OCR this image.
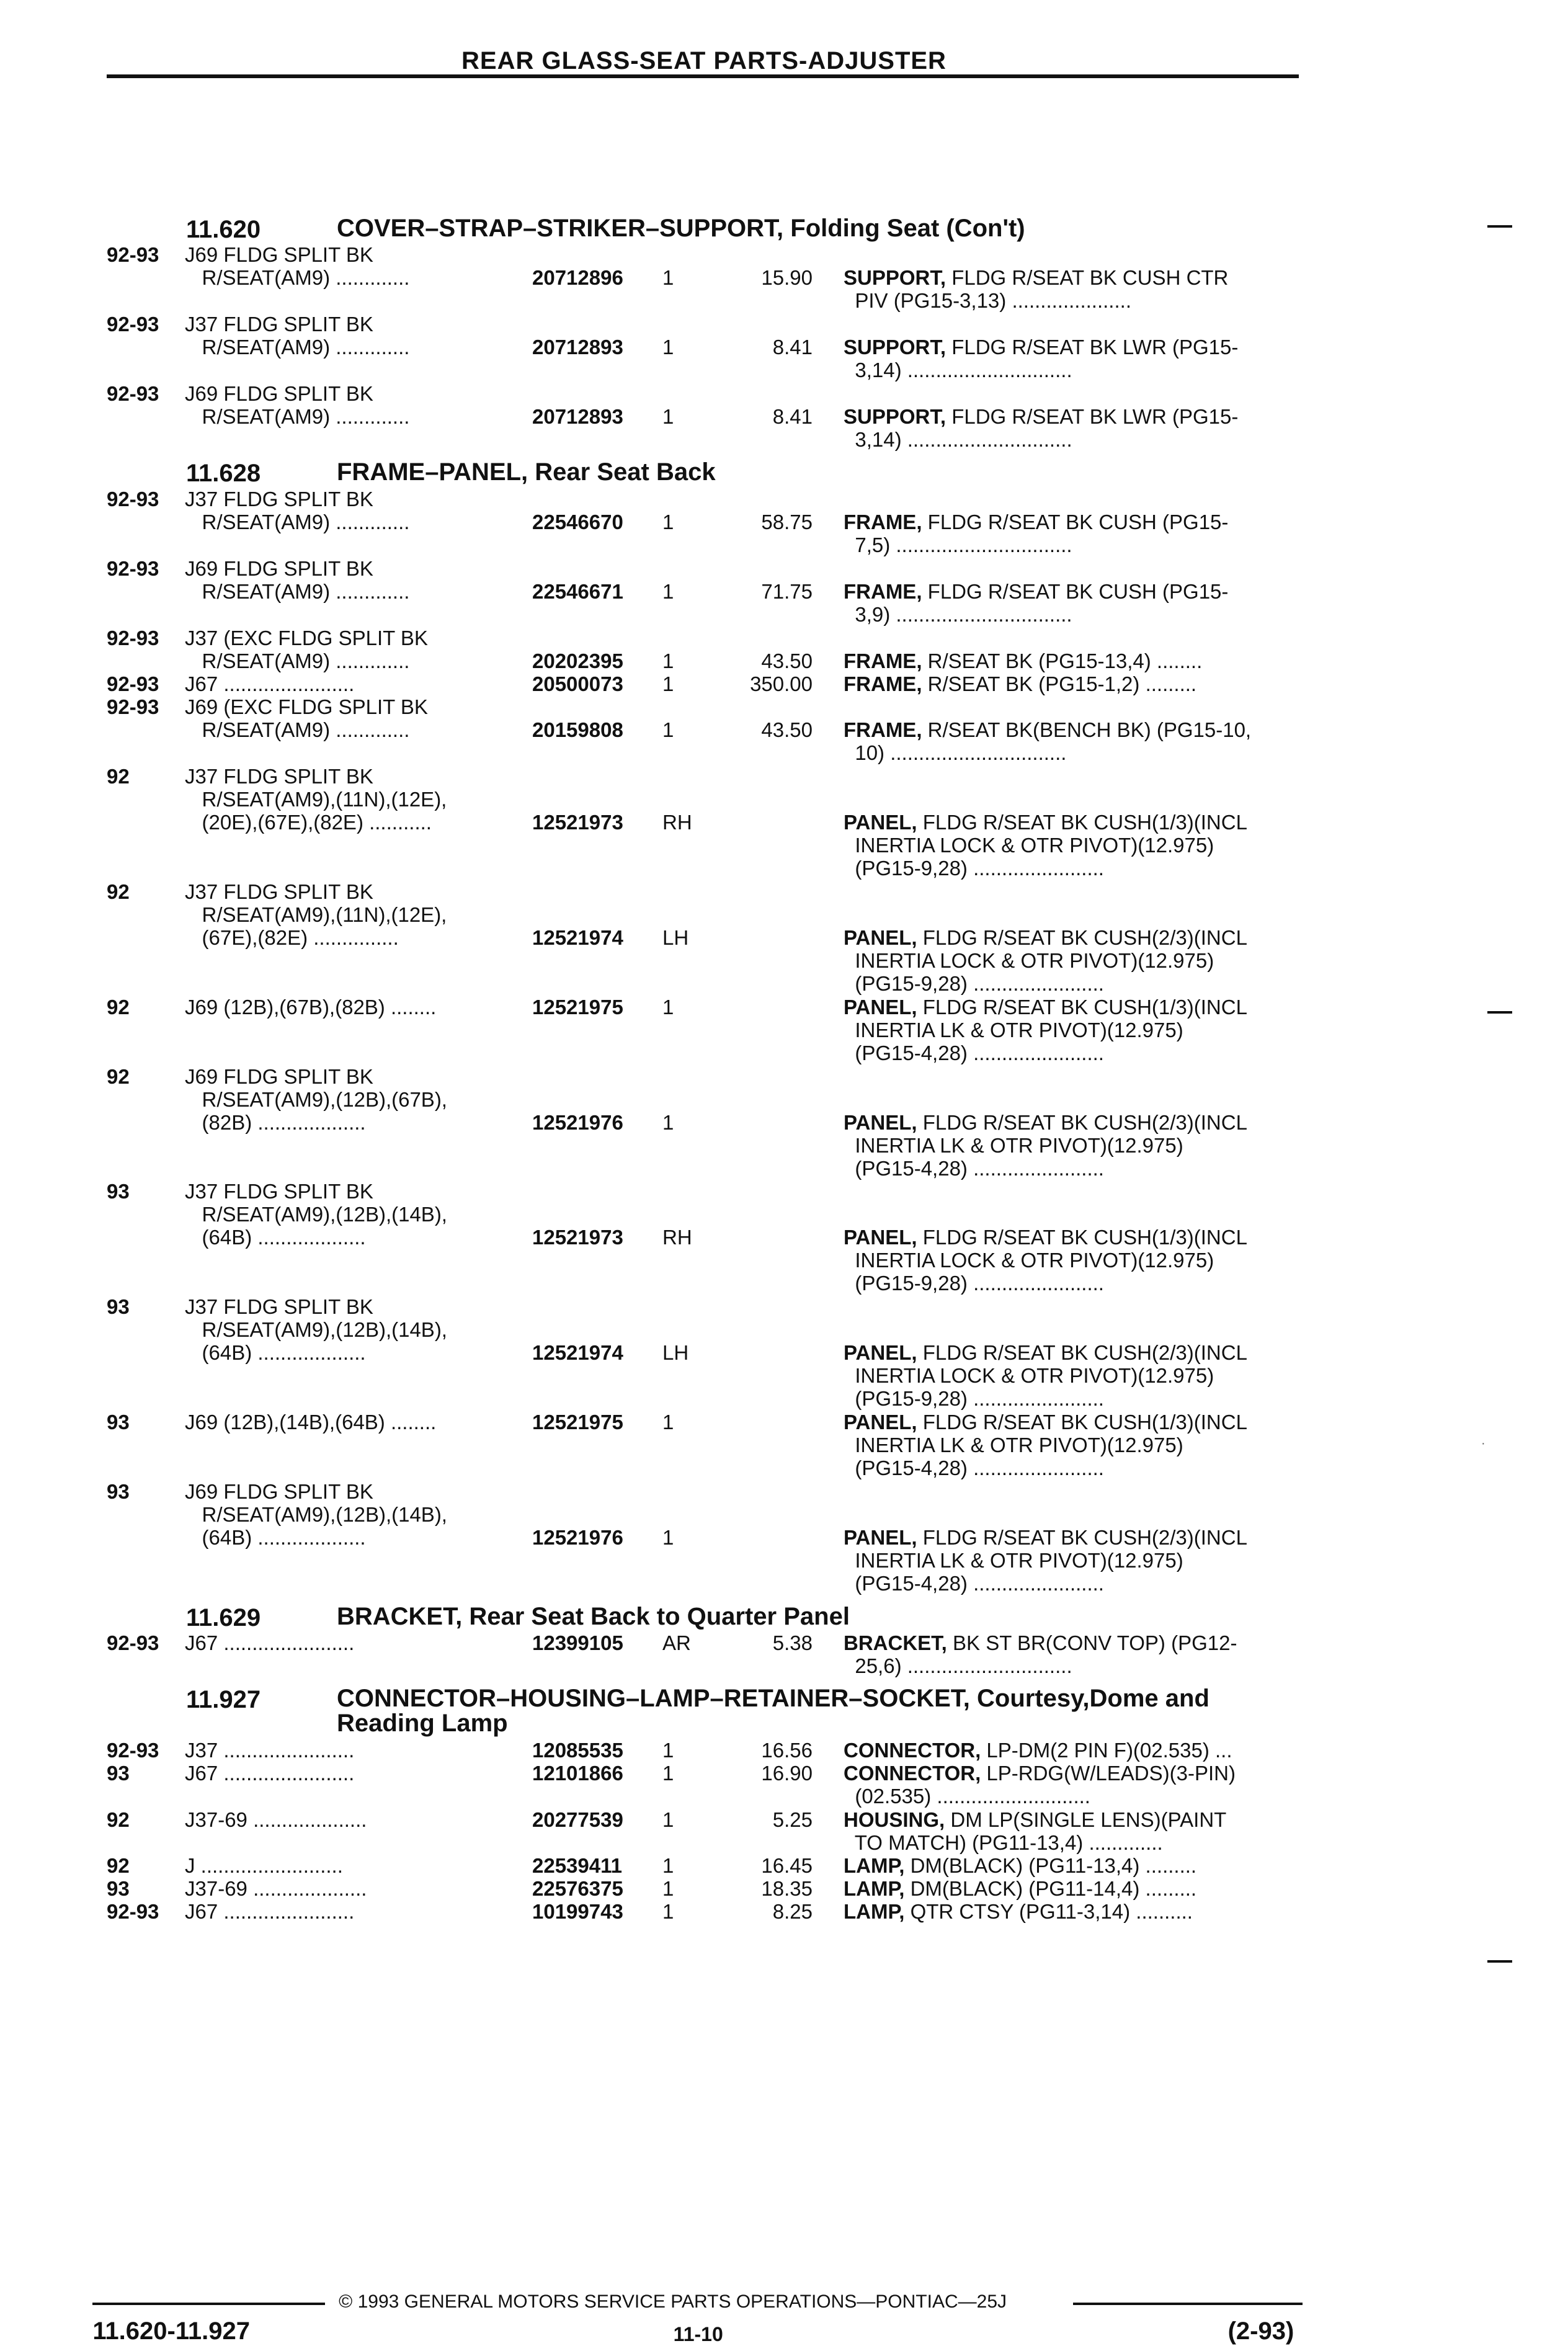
REAR GLASS-SEAT PARTS-ADJUSTER
11.620	COVER–STRAP–STRIKER–SUPPORT, Folding Seat (Con't)
92-93 J69 FLDG SPLIT BK
R/SEAT(AM9) .............	20712896 1	15.90 SUPPORT, FLDG R/SEAT BK CUSH CTR
PIV (PG15-3,13) .....................
92-93 J37 FLDG SPLIT BK
R/SEAT(AM9) .............	20712893 1	8.41 SUPPORT, FLDG R/SEAT BK LWR (PG15-
3,14) .............................
92-93 J69 FLDG SPLIT BK
R/SEAT(AM9) .............	20712893 1	8.41 SUPPORT, FLDG R/SEAT BK LWR (PG15-
3,14) .............................
11.628	FRAME–PANEL, Rear Seat Back
92-93 J37 FLDG SPLIT BK
R/SEAT(AM9) .............	22546670 1	58.75 FRAME, FLDG R/SEAT BK CUSH (PG15-
7,5) ...............................
92-93 J69 FLDG SPLIT BK
R/SEAT(AM9) .............	22546671 1	71.75 FRAME, FLDG R/SEAT BK CUSH (PG15-
3,9) ...............................
92-93 J37 (EXC FLDG SPLIT BK
R/SEAT(AM9) .............	20202395 1	43.50 FRAME, R/SEAT BK (PG15-13,4) ........
92-93 J67 .......................	20500073 1	350.00 FRAME, R/SEAT BK (PG15-1,2) .........
92-93 J69 (EXC FLDG SPLIT BK
R/SEAT(AM9) .............	20159808 1	43.50 FRAME, R/SEAT BK(BENCH BK) (PG15-10,
10) ...............................
92	J37 FLDG SPLIT BK
R/SEAT(AM9),(11N),(12E),
(20E),(67E),(82E) ...........	12521973 RH	PANEL, FLDG R/SEAT BK CUSH(1/3)(INCL
INERTIA LOCK & OTR PIVOT)(12.975)
(PG15-9,28) .......................
92	J37 FLDG SPLIT BK
R/SEAT(AM9),(11N),(12E),
(67E),(82E) ...............	12521974 LH	PANEL, FLDG R/SEAT BK CUSH(2/3)(INCL
INERTIA LOCK & OTR PIVOT)(12.975)
(PG15-9,28) .......................
92	J69 (12B),(67B),(82B) ........	12521975 1	PANEL, FLDG R/SEAT BK CUSH(1/3)(INCL
INERTIA LK & OTR PIVOT)(12.975)
(PG15-4,28) .......................
92	J69 FLDG SPLIT BK
R/SEAT(AM9),(12B),(67B),
(82B) ...................	12521976 1	PANEL, FLDG R/SEAT BK CUSH(2/3)(INCL
INERTIA LK & OTR PIVOT)(12.975)
(PG15-4,28) .......................
93	J37 FLDG SPLIT BK
R/SEAT(AM9),(12B),(14B),
(64B) ...................	12521973 RH	PANEL, FLDG R/SEAT BK CUSH(1/3)(INCL
INERTIA LOCK & OTR PIVOT)(12.975)
(PG15-9,28) .......................
93	J37 FLDG SPLIT BK
R/SEAT(AM9),(12B),(14B),
(64B) ...................	12521974 LH	PANEL, FLDG R/SEAT BK CUSH(2/3)(INCL
INERTIA LOCK & OTR PIVOT)(12.975)
(PG15-9,28) .......................
93	J69 (12B),(14B),(64B) ........	12521975 1	PANEL, FLDG R/SEAT BK CUSH(1/3)(INCL
INERTIA LK & OTR PIVOT)(12.975)
(PG15-4,28) .......................
93	J69 FLDG SPLIT BK
R/SEAT(AM9),(12B),(14B),
(64B) ...................	12521976 1	PANEL, FLDG R/SEAT BK CUSH(2/3)(INCL
INERTIA LK & OTR PIVOT)(12.975)
(PG15-4,28) .......................
11.629	BRACKET, Rear Seat Back to Quarter Panel
92-93 J67 .......................	12399105 AR	5.38 BRACKET, BK ST BR(CONV TOP) (PG12-
25,6) .............................
11.927	CONNECTOR–HOUSING–LAMP–RETAINER–SOCKET, Courtesy,Dome and Reading Lamp
92-93 J37 .......................	12085535 1	16.56 CONNECTOR, LP-DM(2 PIN F)(02.535) ...
93	J67 .......................	12101866 1	16.90 CONNECTOR, LP-RDG(W/LEADS)(3-PIN)
(02.535) ...........................
92	J37-69 ....................	20277539 1	5.25 HOUSING, DM LP(SINGLE LENS)(PAINT
TO MATCH) (PG11-13,4) .............
92	J .........................	22539411 1	16.45 LAMP, DM(BLACK) (PG11-13,4) .........
93	J37-69 ....................	22576375 1	18.35 LAMP, DM(BLACK) (PG11-14,4) .........
92-93 J67 .......................	10199743 1	8.25 LAMP, QTR CTSY (PG11-3,14) ..........
·
© 1993 GENERAL MOTORS SERVICE PARTS OPERATIONS—PONTIAC—25J
11.620-11.927	11-10	(2-93)
